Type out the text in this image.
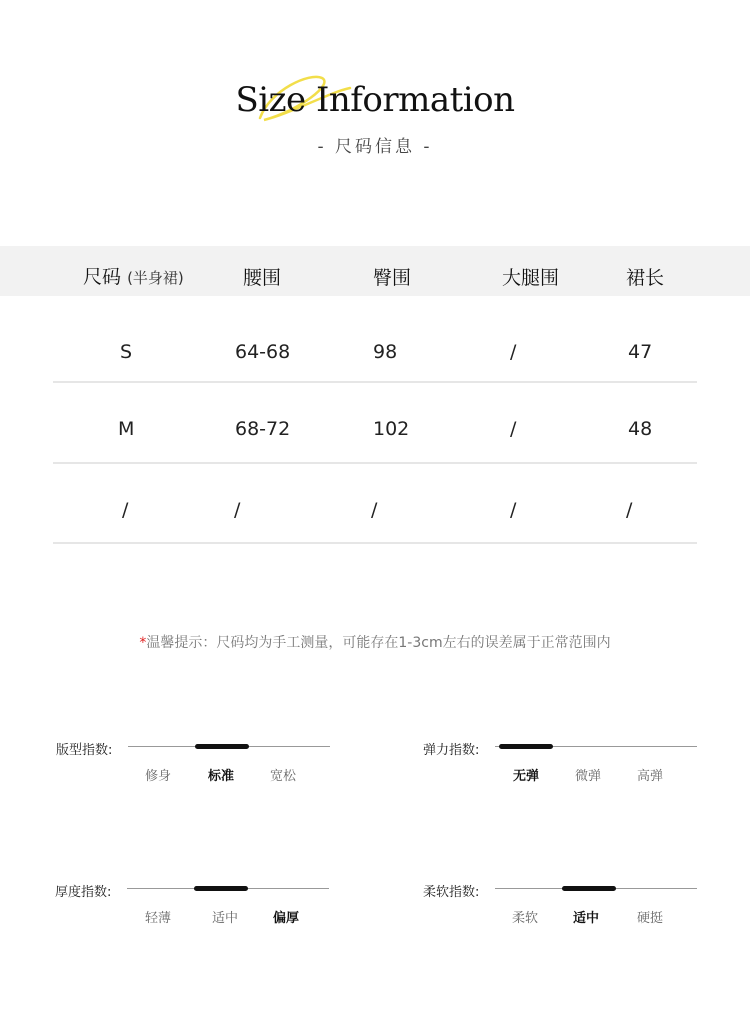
Size Information
- 尺码信息 -
尺码 (半身裙)	腰围	臀围	大腿围	裙长
S	64-68	98	/	47
M	68-72	102	/	48
/	/	/	/	/
*温馨提示：尺码均为手工测量，可能存在1-3cm左右的误差属于正常范围内
版型指数:
修身	标准	宽松
弹力指数:
无弹	微弹	高弹
厚度指数:
轻薄	适中	偏厚
柔软指数:
柔软	适中	硬挺
